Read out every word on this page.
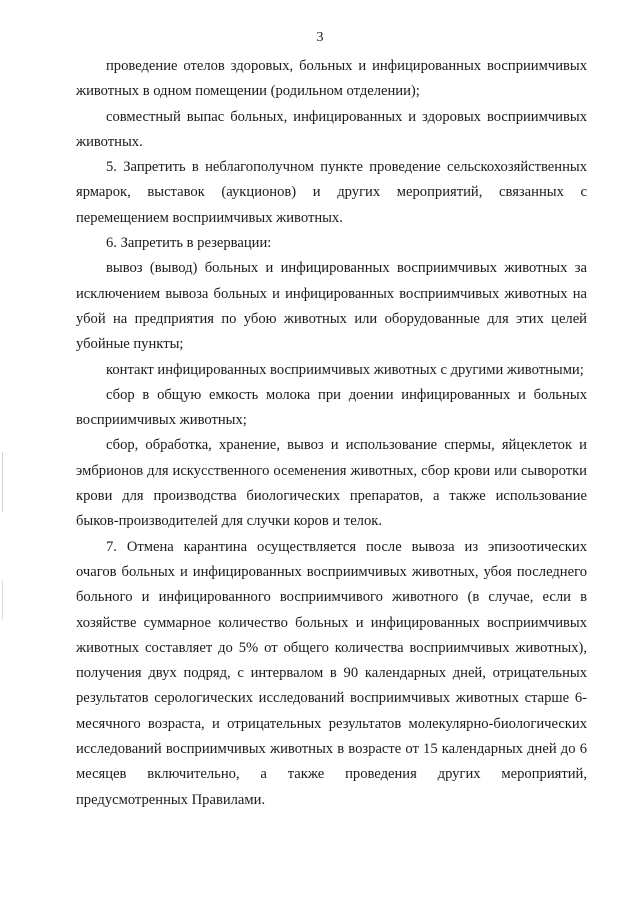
3

проведение отелов здоровых, больных и инфицированных восприимчивых животных в одном помещении (родильном отделении);

совместный выпас больных, инфицированных и здоровых восприимчивых животных.

5. Запретить в неблагополучном пункте проведение сельскохозяйственных ярмарок, выставок (аукционов) и других мероприятий, связанных с перемещением восприимчивых животных.

6. Запретить в резервации:

вывоз (вывод) больных и инфицированных восприимчивых животных за исключением вывоза больных и инфицированных восприимчивых животных на убой на предприятия по убою животных или оборудованные для этих целей убойные пункты;

контакт инфицированных восприимчивых животных с другими животными;

сбор в общую емкость молока при доении инфицированных и больных восприимчивых животных;

сбор, обработка, хранение, вывоз и использование спермы, яйцеклеток и эмбрионов для искусственного осеменения животных, сбор крови или сыворотки крови для производства биологических препаратов, а также использование быков-производителей для случки коров и телок.

7. Отмена карантина осуществляется после вывоза из эпизоотических очагов больных и инфицированных восприимчивых животных, убоя последнего больного и инфицированного восприимчивого животного (в случае, если в хозяйстве суммарное количество больных и инфицированных восприимчивых животных составляет до 5% от общего количества восприимчивых животных), получения двух подряд, с интервалом в 90 календарных дней, отрицательных результатов серологических исследований восприимчивых животных старше 6-месячного возраста, и отрицательных результатов молекулярно-биологических исследований восприимчивых животных в возрасте от 15 календарных дней до 6 месяцев включительно, а также проведения других мероприятий, предусмотренных Правилами.
